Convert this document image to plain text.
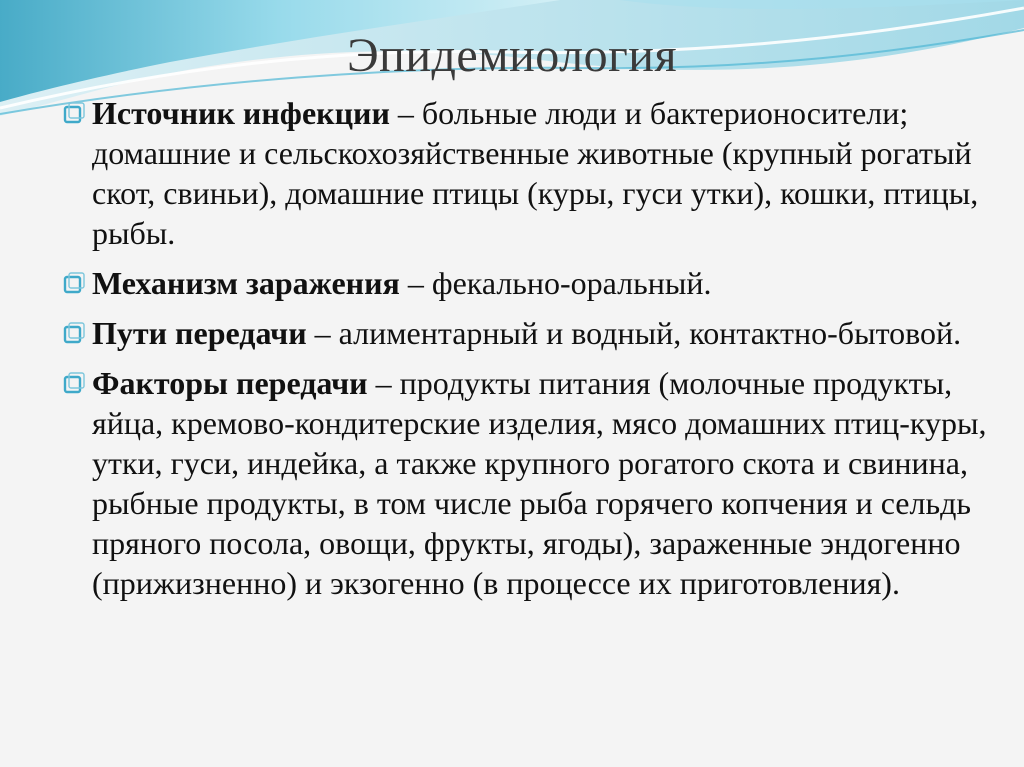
Эпидемиология
Источник инфекции – больные люди и бактерионосители; домашние и сельскохозяйственные животные (крупный рогатый скот, свиньи), домашние птицы (куры, гуси утки), кошки, птицы, рыбы.
Механизм заражения – фекально-оральный.
Пути передачи – алиментарный и водный, контактно-бытовой.
Факторы передачи – продукты питания (молочные продукты, яйца, кремово-кондитерские изделия, мясо домашних птиц-куры, утки, гуси, индейка, а также крупного рогатого скота и свинина, рыбные продукты, в том числе рыба горячего копчения и сельдь пряного посола, овощи, фрукты, ягоды), зараженные эндогенно (прижизненно) и экзогенно (в процессе их приготовления).
